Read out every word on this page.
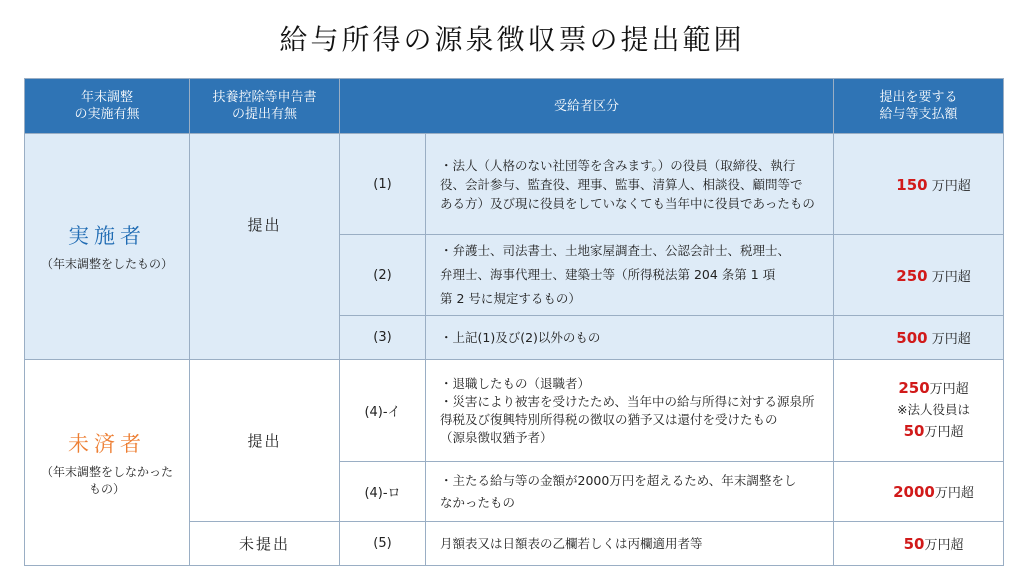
給与所得の源泉徴収票の提出範囲
年末調整
の実施有無	扶養控除等申告書
の提出有無	受給者区分		提出を要する
給与等支払額

実施者
（年末調整をしたもの）	提出	(1)	・法人（人格のない社団等を含みます。）の役員（取締役、執行
役、会計参与、監査役、理事、監事、清算人、相談役、顧問等で
ある方）及び現に役員をしていなくても当年中に役員であったもの	150 万円超
		(2)	・弁護士、司法書士、土地家屋調査士、公認会計士、税理士、
弁理士、海事代理士、建築士等（所得税法第 204 条第 1 項
第 2 号に規定するもの）	250 万円超
		(3)	・上記(1)及び(2)以外のもの	500 万円超

未済者
（年末調整をしなかった
もの）	提出	(4)-イ	・退職したもの（退職者）
・災害により被害を受けたため、当年中の給与所得に対する源泉所
得税及び復興特別所得税の徴収の猶予又は還付を受けたもの
（源泉徴収猶予者）	250万円超
※法人役員は
50万円超
		(4)-ロ	・主たる給与等の金額が2000万円を超えるため、年末調整をし
なかったもの	2000万円超
	未提出	(5)	月額表又は日額表の乙欄若しくは丙欄適用者等	50万円超
